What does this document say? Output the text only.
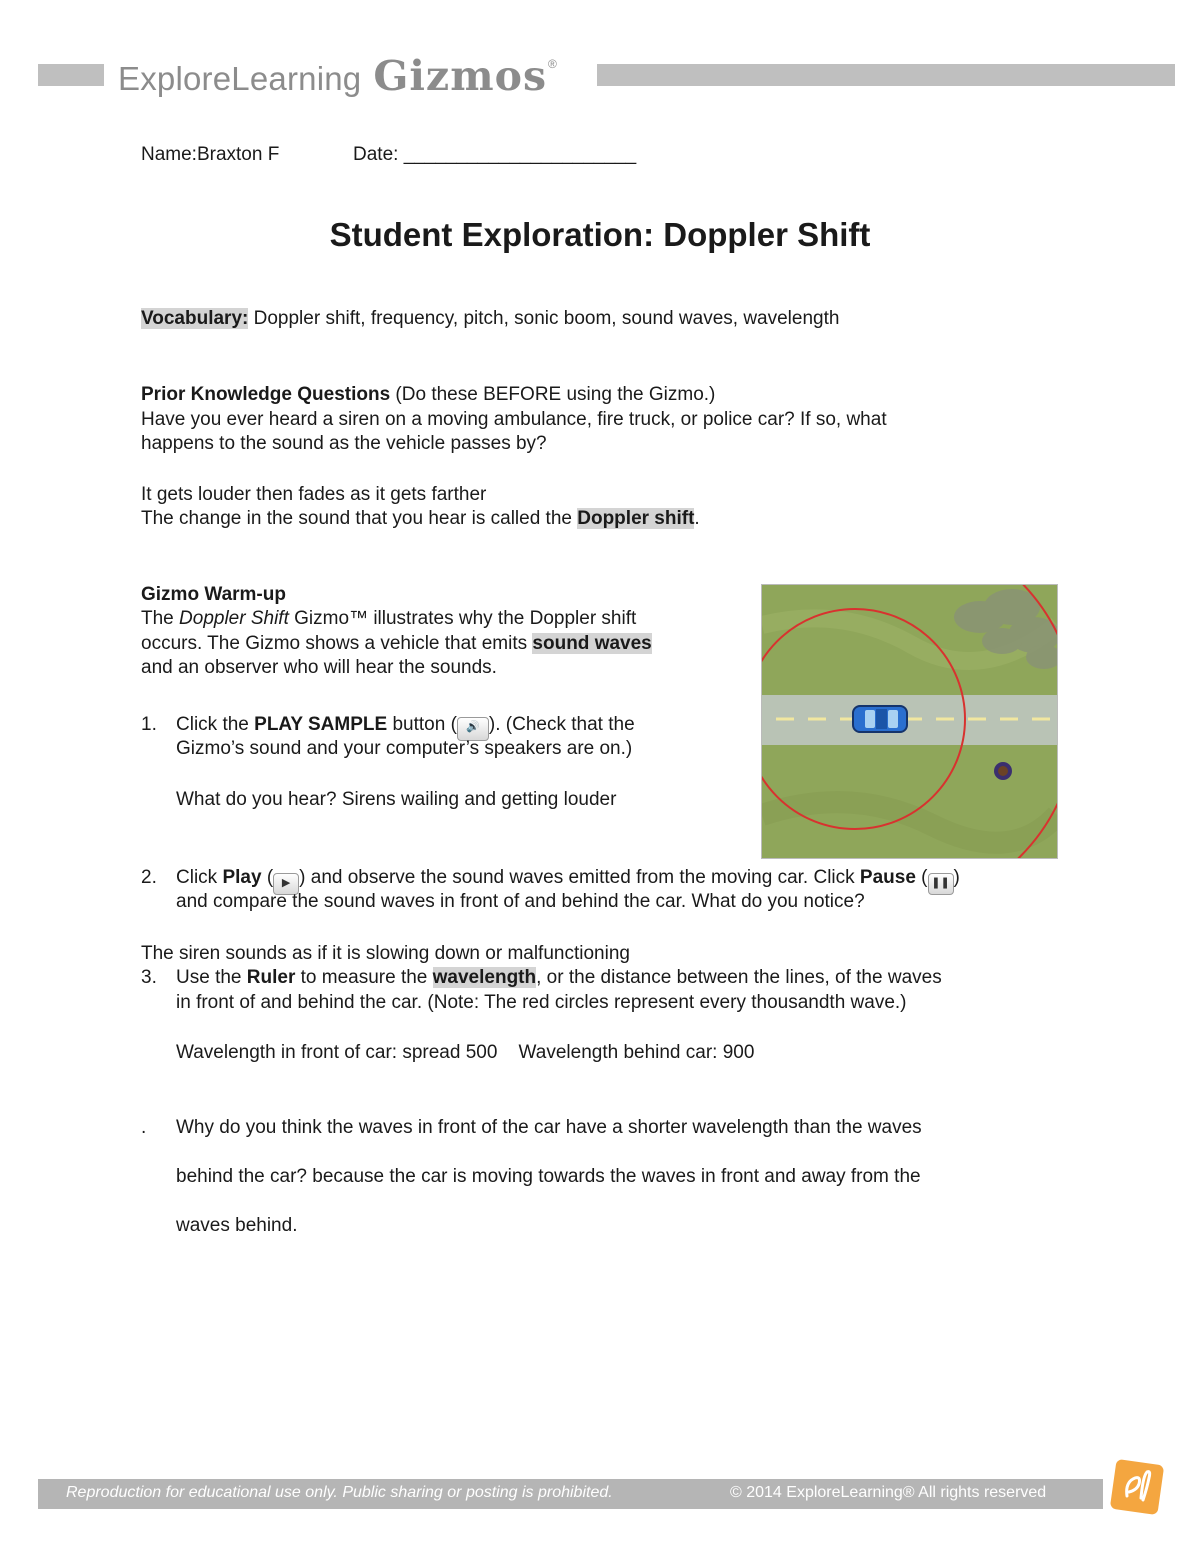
ExploreLearning Gizmos ®
Name:Braxton F	Date: ______________________
Student Exploration: Doppler Shift
Vocabulary: Doppler shift, frequency, pitch, sonic boom, sound waves, wavelength
Prior Knowledge Questions (Do these BEFORE using the Gizmo.)
Have you ever heard a siren on a moving ambulance, fire truck, or police car? If so, what
happens to the sound as the vehicle passes by?
It gets louder then fades as it gets farther
The change in the sound that you hear is called the Doppler shift.
Gizmo Warm-up
The Doppler Shift Gizmo™ illustrates why the Doppler shift
occurs. The Gizmo shows a vehicle that emits sound waves
and an observer who will hear the sounds.
1. Click the PLAY SAMPLE button ( 🔊 ). (Check that the
Gizmo’s sound and your computer’s speakers are on.)
What do you hear? Sirens wailing and getting louder
2. Click Play ( ▶ ) and observe the sound waves emitted from the moving car. Click Pause ( ❚❚ )
and compare the sound waves in front of and behind the car. What do you notice?
The siren sounds as if it is slowing down or malfunctioning
3. Use the Ruler to measure the wavelength, or the distance between the lines, of the waves
in front of and behind the car. (Note: The red circles represent every thousandth wave.)
Wavelength in front of car: spread 500    Wavelength behind car: 900
. Why do you think the waves in front of the car have a shorter wavelength than the waves
behind the car? because the car is moving towards the waves in front and away from the
waves behind.
Reproduction for educational use only. Public sharing or posting is prohibited.	© 2014 ExploreLearning® All rights reserved
